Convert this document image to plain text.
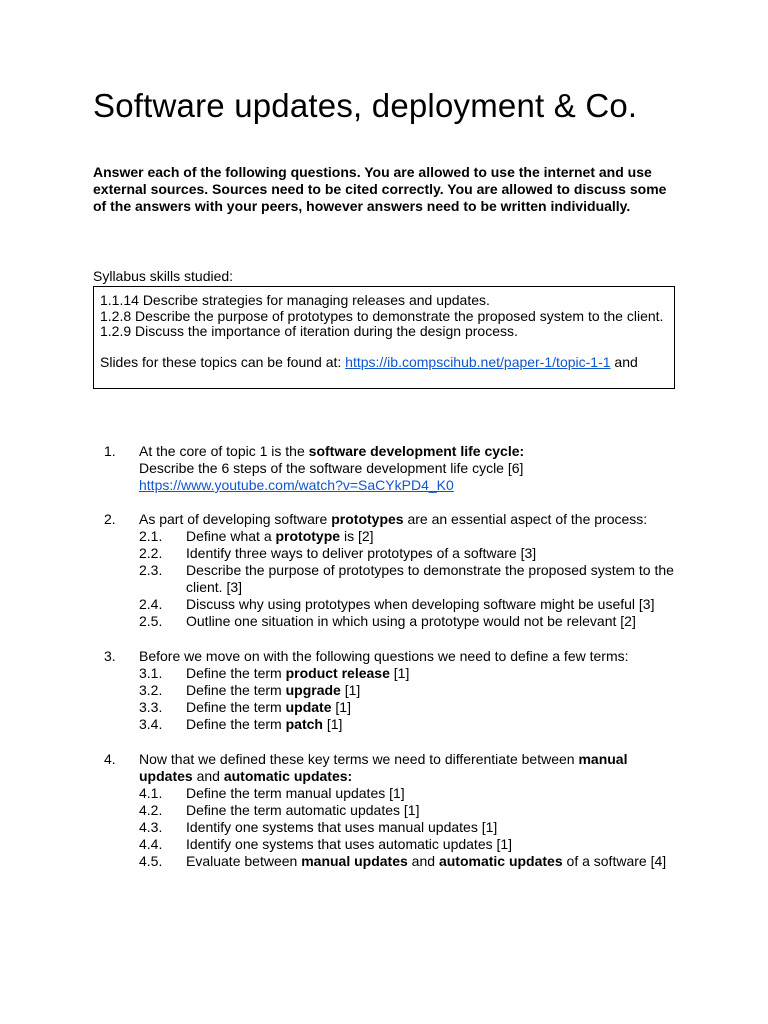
Software updates, deployment & Co.

Answer each of the following questions. You are allowed to use the internet and use external sources. Sources need to be cited correctly. You are allowed to discuss some of the answers with your peers, however answers need to be written individually.

Syllabus skills studied:

1.1.14 Describe strategies for managing releases and updates.

1.2.8 Describe the purpose of prototypes to demonstrate the proposed system to the client.

1.2.9 Discuss the importance of iteration during the design process.

Slides for these topics can be found at: https://ib.compscihub.net/paper-1/topic-1-1 and

1. At the core of topic 1 is the software development life cycle:

Describe the 6 steps of the software development life cycle [6]

https://www.youtube.com/watch?v=SaCYkPD4_K0

2. As part of developing software prototypes are an essential aspect of the process:

2.1. Define what a prototype is [2]
2.2. Identify three ways to deliver prototypes of a software [3]
2.3. Describe the purpose of prototypes to demonstrate the proposed system to the client. [3]
2.4. Discuss why using prototypes when developing software might be useful [3]
2.5. Outline one situation in which using a prototype would not be relevant [2]
3. Before we move on with the following questions we need to define a few terms:

3.1. Define the term product release [1]
3.2. Define the term upgrade [1]
3.3. Define the term update [1]
3.4. Define the term patch [1]
4. Now that we defined these key terms we need to differentiate between manual updates and automatic updates:

4.1. Define the term manual updates [1]
4.2. Define the term automatic updates [1]
4.3. Identify one systems that uses manual updates [1]
4.4. Identify one systems that uses automatic updates [1]
4.5. Evaluate between manual updates and automatic updates of a software [4]
